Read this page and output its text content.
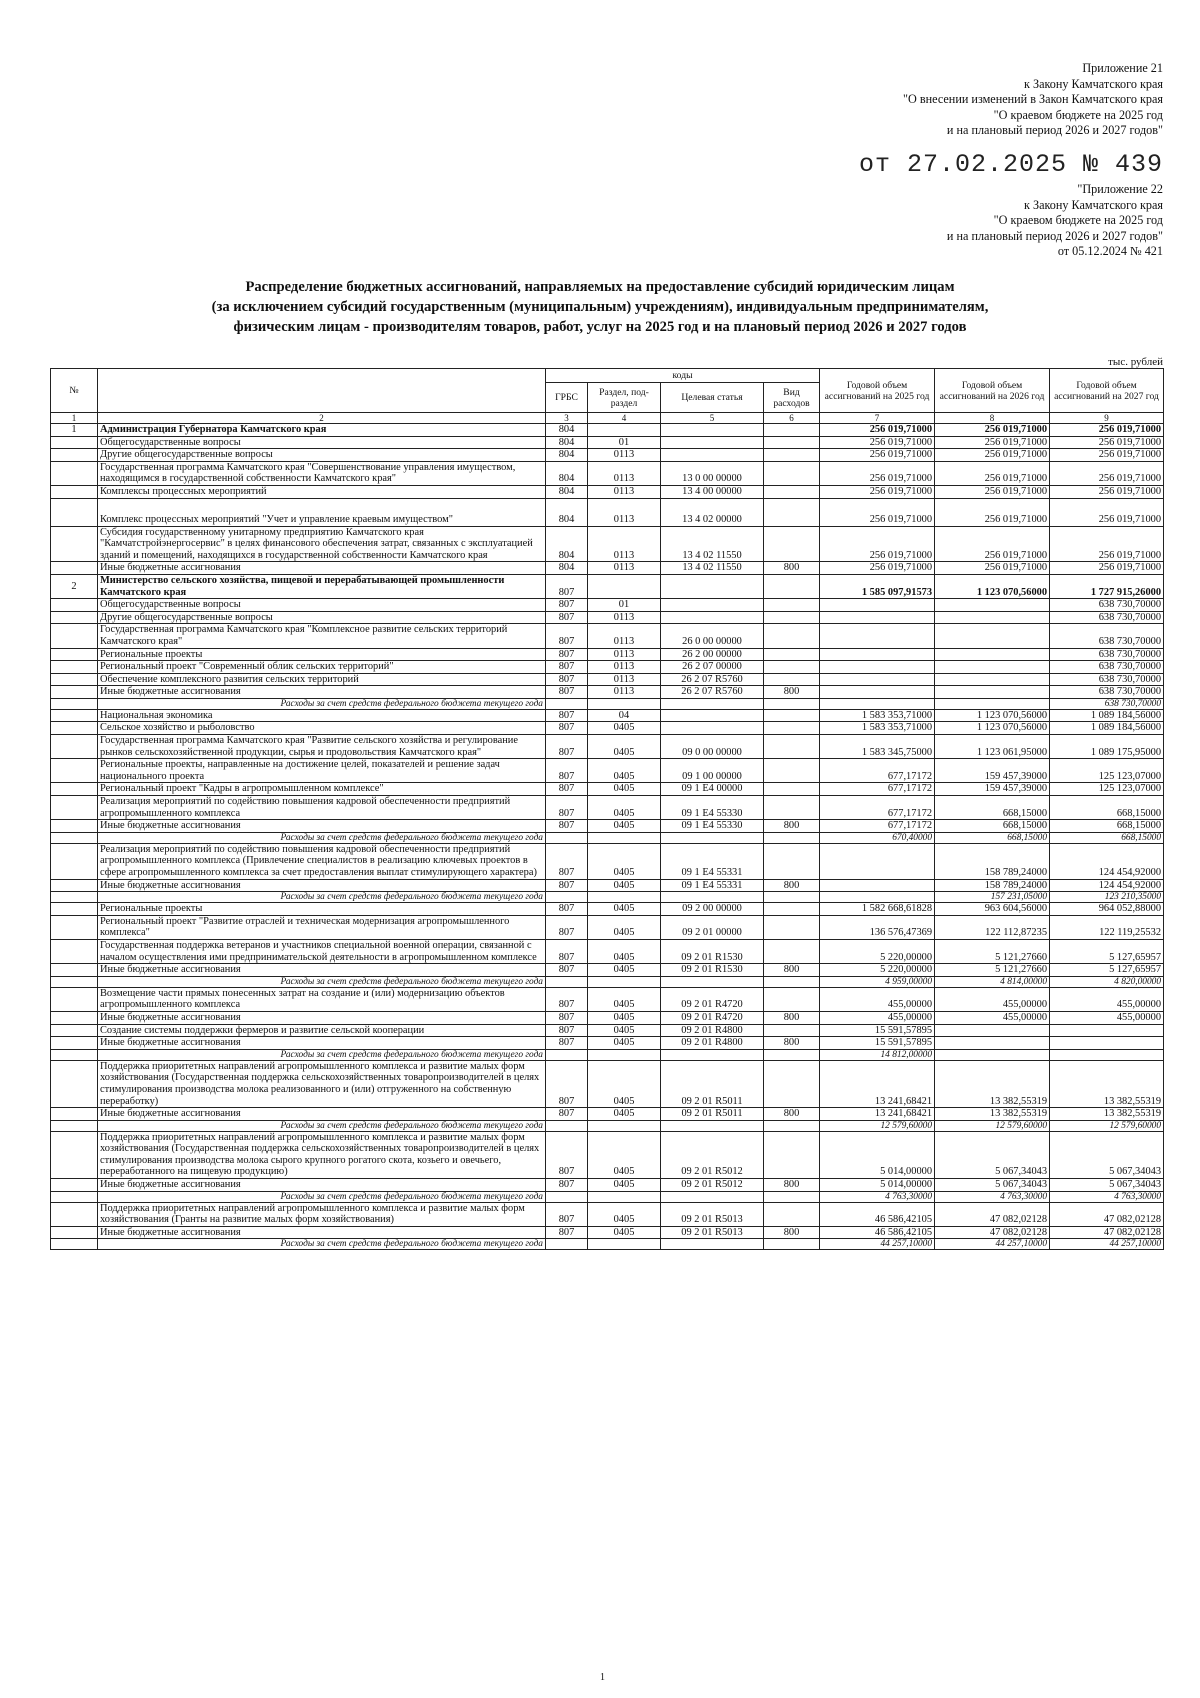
Приложение 21
к Закону Камчатского края
"О внесении изменений в Закон Камчатского края
"О краевом бюджете на 2025 год
и на плановый период 2026 и 2027 годов"
от 27.02.2025 № 439
"Приложение 22
к Закону Камчатского края
"О краевом бюджете на 2025 год
и на плановый период 2026 и 2027 годов"
от 05.12.2024 № 421
Распределение бюджетных ассигнований, направляемых на предоставление субсидий юридическим лицам
(за исключением субсидий государственным (муниципальным) учреждениям), индивидуальным предпринимателям,
физическим лицам - производителям товаров, работ, услуг на 2025 год и на плановый период 2026 и 2027 годов
тыс. рублей
№		коды				Годовой объем ассигнований на 2025 год	Годовой объем ассигнований на 2026 год	Годовой объем ассигнований на 2027 год
		ГРБС	Раздел, под-раздел	Целевая статья	Вид расходов			
1	2	3	4	5	6	7	8	9
1	Администрация Губернатора Камчатского края	804				256 019,71000	256 019,71000	256 019,71000
	Общегосударственные вопросы	804	01			256 019,71000	256 019,71000	256 019,71000
	Другие общегосударственные вопросы	804	0113			256 019,71000	256 019,71000	256 019,71000
	Государственная программа Камчатского края "Совершенствование управления имуществом, находящимся в государственной собственности Камчатского края"	804	0113	13 0 00 00000		256 019,71000	256 019,71000	256 019,71000
	Комплексы процессных мероприятий	804	0113	13 4 00 00000		256 019,71000	256 019,71000	256 019,71000
	Комплекс процессных мероприятий "Учет и управление краевым имуществом"	804	0113	13 4 02 00000		256 019,71000	256 019,71000	256 019,71000
	Субсидия государственному унитарному предприятию Камчатского края "Камчатстройэнергосервис" в целях финансового обеспечения затрат, связанных с эксплуатацией зданий и помещений, находящихся в государственной собственности Камчатского края	804	0113	13 4 02 11550		256 019,71000	256 019,71000	256 019,71000
	Иные бюджетные ассигнования	804	0113	13 4 02 11550	800	256 019,71000	256 019,71000	256 019,71000
2	Министерство сельского хозяйства, пищевой и перерабатывающей промышленности Камчатского края	807				1 585 097,91573	1 123 070,56000	1 727 915,26000
	Общегосударственные вопросы	807	01					638 730,70000
	Другие общегосударственные вопросы	807	0113					638 730,70000
	Государственная программа Камчатского края "Комплексное развитие сельских территорий Камчатского края"	807	0113	26 0 00 00000				638 730,70000
	Региональные проекты	807	0113	26 2 00 00000				638 730,70000
	Региональный проект "Современный облик сельских территорий"	807	0113	26 2 07 00000				638 730,70000
	Обеспечение комплексного развития сельских территорий	807	0113	26 2 07 R5760				638 730,70000
	Иные бюджетные ассигнования	807	0113	26 2 07 R5760	800			638 730,70000
	Расходы за счет средств федерального бюджета текущего года							638 730,70000
	Национальная экономика	807	04			1 583 353,71000	1 123 070,56000	1 089 184,56000
	Сельское хозяйство и рыболовство	807	0405			1 583 353,71000	1 123 070,56000	1 089 184,56000
	Государственная программа Камчатского края "Развитие сельского хозяйства и регулирование рынков сельскохозяйственной продукции, сырья и продовольствия Камчатского края"	807	0405	09 0 00 00000		1 583 345,75000	1 123 061,95000	1 089 175,95000
	Региональные проекты, направленные на достижение целей, показателей и решение задач национального проекта	807	0405	09 1 00 00000		677,17172	159 457,39000	125 123,07000
	Региональный проект "Кадры в агропромышленном комплексе"	807	0405	09 1 E4 00000		677,17172	159 457,39000	125 123,07000
	Реализация мероприятий по содействию повышения кадровой обеспеченности предприятий агропромышленного комплекса	807	0405	09 1 E4 55330		677,17172	668,15000	668,15000
	Иные бюджетные ассигнования	807	0405	09 1 E4 55330	800	677,17172	668,15000	668,15000
	Расходы за счет средств федерального бюджета текущего года					670,40000	668,15000	668,15000
	Реализация мероприятий по содействию повышения кадровой обеспеченности предприятий агропромышленного комплекса (Привлечение специалистов в реализацию ключевых проектов в сфере агропромышленного комплекса за счет предоставления выплат стимулирующего характера)	807	0405	09 1 E4 55331			158 789,24000	124 454,92000
	Иные бюджетные ассигнования	807	0405	09 1 E4 55331	800		158 789,24000	124 454,92000
	Расходы за счет средств федерального бюджета текущего года						157 231,05000	123 210,35000
	Региональные проекты	807	0405	09 2 00 00000		1 582 668,61828	963 604,56000	964 052,88000
	Региональный проект "Развитие отраслей и техническая модернизация агропромышленного комплекса"	807	0405	09 2 01 00000		136 576,47369	122 112,87235	122 119,25532
	Государственная поддержка ветеранов и участников специальной военной операции, связанной с началом осуществления ими предпринимательской деятельности в агропромышленном комплексе	807	0405	09 2 01 R1530		5 220,00000	5 121,27660	5 127,65957
	Иные бюджетные ассигнования	807	0405	09 2 01 R1530	800	5 220,00000	5 121,27660	5 127,65957
	Расходы за счет средств федерального бюджета текущего года					4 959,00000	4 814,00000	4 820,00000
	Возмещение части прямых понесенных затрат на создание и (или) модернизацию объектов агропромышленного комплекса	807	0405	09 2 01 R4720		455,00000	455,00000	455,00000
	Иные бюджетные ассигнования	807	0405	09 2 01 R4720	800	455,00000	455,00000	455,00000
	Создание системы поддержки фермеров и развитие сельской кооперации	807	0405	09 2 01 R4800		15 591,57895		
	Иные бюджетные ассигнования	807	0405	09 2 01 R4800	800	15 591,57895		
	Расходы за счет средств федерального бюджета текущего года					14 812,00000		
	Поддержка приоритетных направлений агропромышленного комплекса и развитие малых форм хозяйствования (Государственная поддержка сельскохозяйственных товаропроизводителей в целях стимулирования производства молока реализованного и (или) отгруженного на собственную переработку)	807	0405	09 2 01 R5011		13 241,68421	13 382,55319	13 382,55319
	Иные бюджетные ассигнования	807	0405	09 2 01 R5011	800	13 241,68421	13 382,55319	13 382,55319
	Расходы за счет средств федерального бюджета текущего года					12 579,60000	12 579,60000	12 579,60000
	Поддержка приоритетных направлений агропромышленного комплекса и развитие малых форм хозяйствования (Государственная поддержка сельскохозяйственных товаропроизводителей в целях стимулирования производства молока сырого крупного рогатого скота, козьего и овечьего, переработанного на пищевую продукцию)	807	0405	09 2 01 R5012		5 014,00000	5 067,34043	5 067,34043
	Иные бюджетные ассигнования	807	0405	09 2 01 R5012	800	5 014,00000	5 067,34043	5 067,34043
	Расходы за счет средств федерального бюджета текущего года					4 763,30000	4 763,30000	4 763,30000
	Поддержка приоритетных направлений агропромышленного комплекса и развитие малых форм хозяйствования (Гранты на развитие малых форм хозяйствования)	807	0405	09 2 01 R5013		46 586,42105	47 082,02128	47 082,02128
	Иные бюджетные ассигнования	807	0405	09 2 01 R5013	800	46 586,42105	47 082,02128	47 082,02128
	Расходы за счет средств федерального бюджета текущего года					44 257,10000	44 257,10000	44 257,10000
1
